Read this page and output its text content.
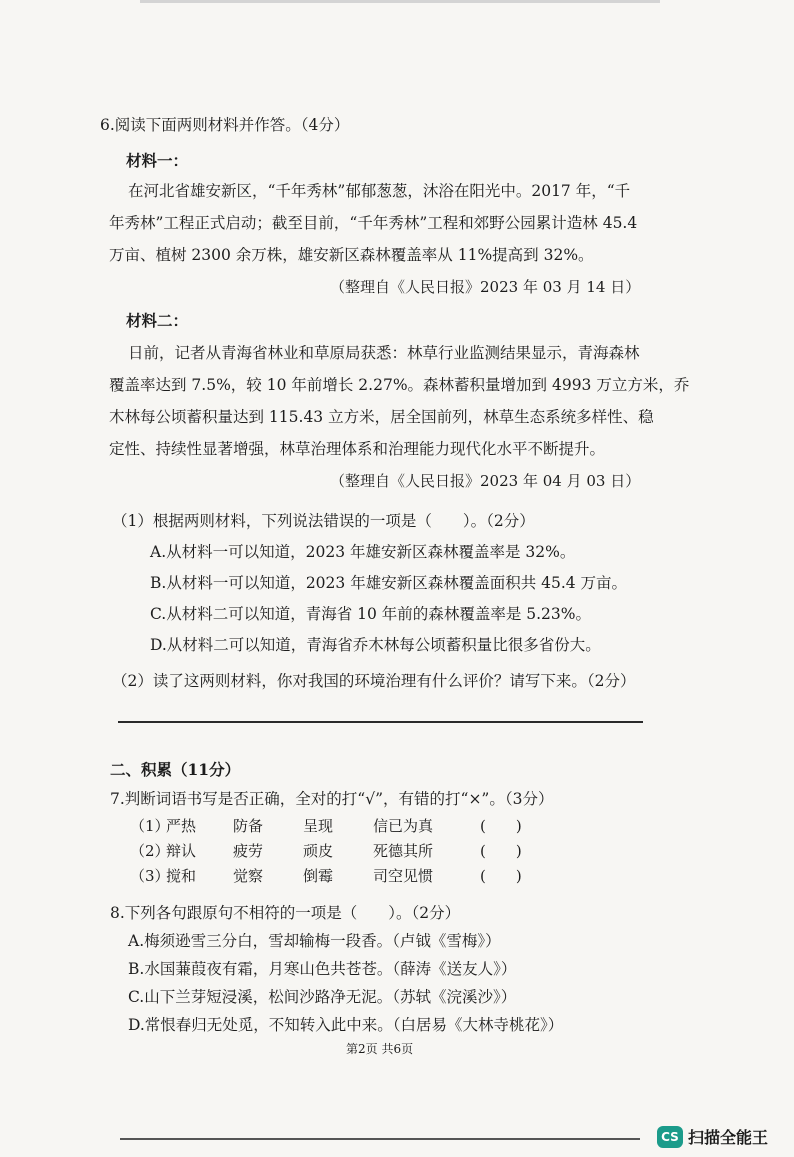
6.阅读下面两则材料并作答。（4分）
材料一：
在河北省雄安新区，“千年秀林”郁郁葱葱，沐浴在阳光中。2017 年，“千
年秀林”工程正式启动；截至目前，“千年秀林”工程和郊野公园累计造林 45.4
万亩、植树 2300 余万株，雄安新区森林覆盖率从 11%提高到 32%。
（整理自《人民日报》2023 年 03 月 14 日）
材料二：
日前，记者从青海省林业和草原局获悉：林草行业监测结果显示，青海森林
覆盖率达到 7.5%，较 10 年前增长 2.27%。森林蓄积量增加到 4993 万立方米，乔
木林每公顷蓄积量达到 115.43 立方米，居全国前列，林草生态系统多样性、稳
定性、持续性显著增强，林草治理体系和治理能力现代化水平不断提升。
（整理自《人民日报》2023 年 04 月 03 日）
（1）根据两则材料，下列说法错误的一项是（　　）。（2分）
A.从材料一可以知道，2023 年雄安新区森林覆盖率是 32%。
B.从材料一可以知道，2023 年雄安新区森林覆盖面积共 45.4 万亩。
C.从材料二可以知道，青海省 10 年前的森林覆盖率是 5.23%。
D.从材料二可以知道，青海省乔木林每公顷蓄积量比很多省份大。
（2）读了这两则材料，你对我国的环境治理有什么评价？请写下来。（2分）
二、积累（11分）
7.判断词语书写是否正确，全对的打“√”，有错的打“×”。（3分）
（1）
严热 防备	呈现	信已为真	(　　)
（2）
辩认 疲劳	顽皮	死德其所	(　　)
（3）
搅和 觉察	倒霉	司空见惯	(　　)
8.下列各句跟原句不相符的一项是（　　）。（2分）
A.梅须逊雪三分白，雪却输梅一段香。（卢钺《雪梅》）
B.水国蒹葭夜有霜，月寒山色共苍苍。（薛涛《送友人》）
C.山下兰芽短浸溪，松间沙路净无泥。（苏轼《浣溪沙》）
D.常恨春归无处觅，不知转入此中来。（白居易《大林寺桃花》）
第2页 共6页
CS 扫描全能王
